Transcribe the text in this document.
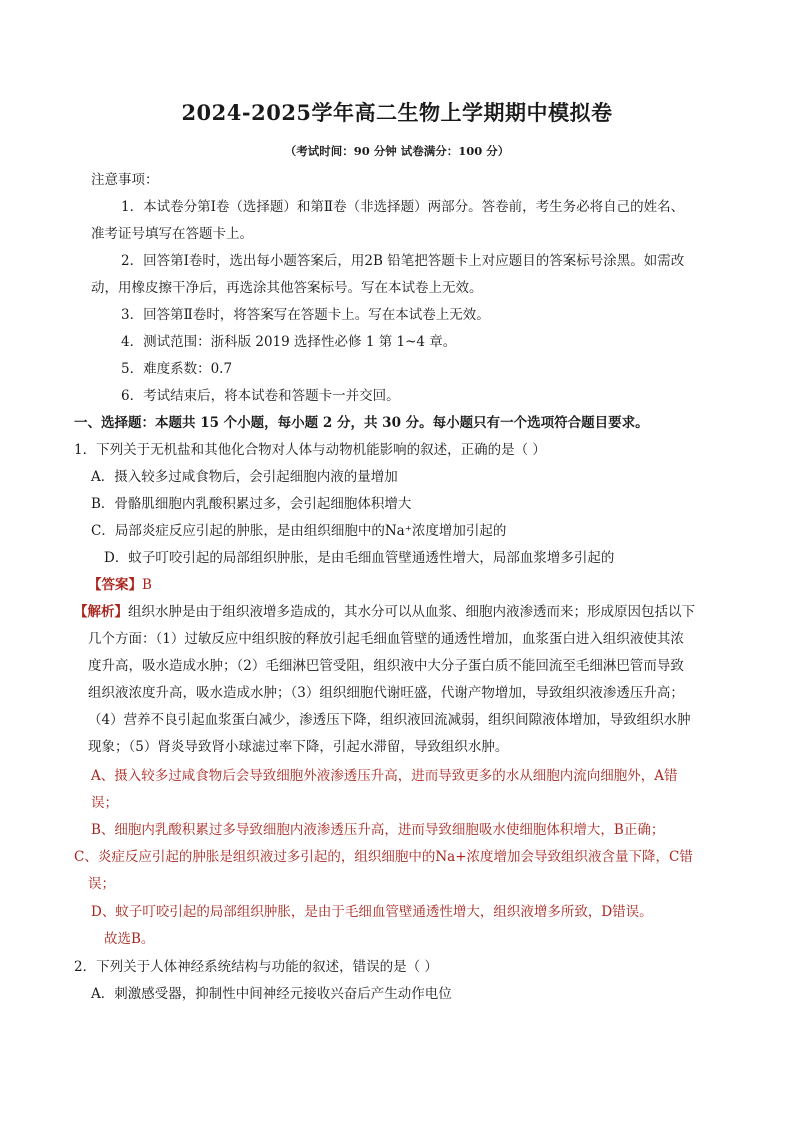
2024-2025学年高二生物上学期期中模拟卷
（考试时间：90 分钟 试卷满分：100 分）
注意事项：
1．本试卷分第Ⅰ卷（选择题）和第Ⅱ卷（非选择题）两部分。答卷前，考生务必将自己的姓名、
准考证号填写在答题卡上。
2．回答第Ⅰ卷时，选出每小题答案后，用2B 铅笔把答题卡上对应题目的答案标号涂黑。如需改
动，用橡皮擦干净后，再选涂其他答案标号。写在本试卷上无效。
3．回答第Ⅱ卷时，将答案写在答题卡上。写在本试卷上无效。
4．测试范围：浙科版 2019 选择性必修 1 第 1~4 章。
5．难度系数：0.7
6．考试结束后，将本试卷和答题卡一并交回。
一、选择题：本题共 15 个小题，每小题 2 分，共 30 分。每小题只有一个选项符合题目要求。
1．下列关于无机盐和其他化合物对人体与动物机能影响的叙述，正确的是（ ）
A．摄入较多过咸食物后，会引起细胞内液的量增加
B．骨骼肌细胞内乳酸积累过多，会引起细胞体积增大
C．局部炎症反应引起的肿胀，是由组织细胞中的Na⁺浓度增加引起的
D．蚊子叮咬引起的局部组织肿胀，是由毛细血管壁通透性增大，局部血浆增多引起的
【答案】B
【解析】组织水肿是由于组织液增多造成的，其水分可以从血浆、细胞内液渗透而来；形成原因包括以下
几个方面：（1）过敏反应中组织胺的释放引起毛细血管壁的通透性增加，血浆蛋白进入组织液使其浓
度升高，吸水造成水肿；（2）毛细淋巴管受阻，组织液中大分子蛋白质不能回流至毛细淋巴管而导致
组织液浓度升高，吸水造成水肿；（3）组织细胞代谢旺盛，代谢产物增加，导致组织液渗透压升高；
（4）营养不良引起血浆蛋白减少，渗透压下降，组织液回流减弱，组织间隙液体增加，导致组织水肿
现象；（5）肾炎导致肾小球滤过率下降，引起水滞留，导致组织水肿。
A、摄入较多过咸食物后会导致细胞外液渗透压升高，进而导致更多的水从细胞内流向细胞外，A错
误；
B、细胞内乳酸积累过多导致细胞内液渗透压升高，进而导致细胞吸水使细胞体积增大，B正确；
C、炎症反应引起的肿胀是组织液过多引起的，组织细胞中的Na+浓度增加会导致组织液含量下降，C错
误；
D、蚊子叮咬引起的局部组织肿胀，是由于毛细血管壁通透性增大，组织液增多所致，D错误。
故选B。
2．下列关于人体神经系统结构与功能的叙述，错误的是（ ）
A．刺激感受器，抑制性中间神经元接收兴奋后产生动作电位
